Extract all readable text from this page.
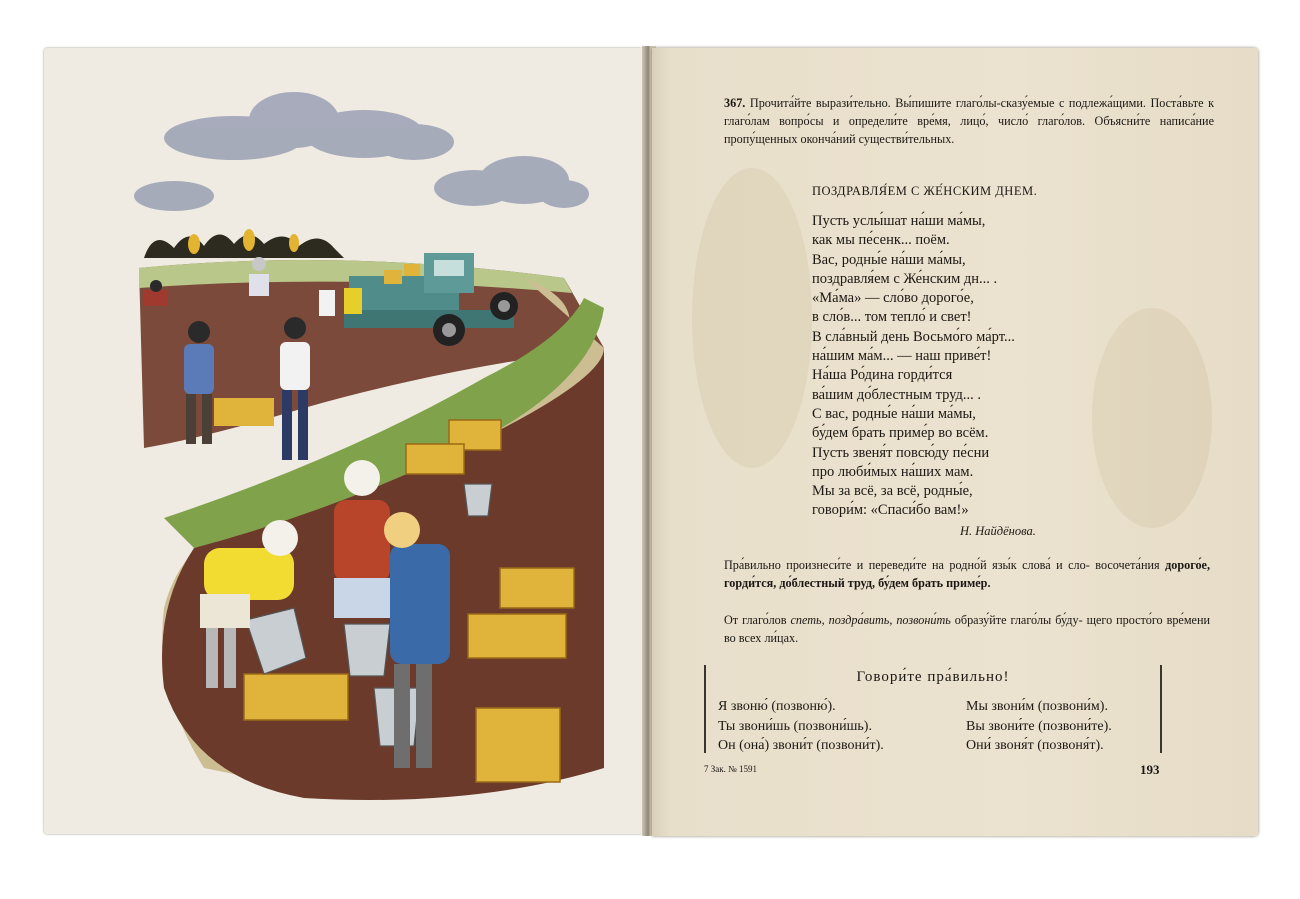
367. Прочита́йте вырази́тельно. Вы́пишите глаго́лы-сказу́емые с подлежа́щими. Поста́вьте к глаго́лам вопро́сы и определи́те вре́мя, лицо́, число́ глаго́лов. Объясни́те написа́ние пропу́щенных оконча́ний существи́тельных.
ПОЗДРАВЛЯ́ЕМ С ЖЕ́НСКИМ ДНЕМ.
Пусть услы́шат на́ши ма́мы,
как мы пе́сенк... поём.
Вас, родны́е на́ши ма́мы,
поздравля́ем с Же́нским дн... .
«Ма́ма» — сло́во дорого́е,
в сло́в... том тепло́ и свет!
В сла́вный день Восьмо́го ма́рт...
на́шим ма́м... — наш приве́т!
На́ша Ро́дина горди́тся
ва́шим до́блестным труд... .
С вас, родны́е на́ши ма́мы,
бу́дем брать приме́р во всём.
Пусть звеня́т повсю́ду пе́сни
про люби́мых на́ших мам.
Мы за всё, за всё, родны́е,
говори́м: «Спаси́бо вам!»
Н. Найдёнова.
Пра́вильно произнеси́те и переведи́те на родно́й язы́к слова́ и сло- восочета́ния дорого́е, горди́тся, до́блестный труд, бу́дем брать приме́р.
От глаго́лов спеть, поздра́вить, позвони́ть образу́йте глаго́лы бу́ду- щего просто́го вре́мени во всех ли́цах.
Говори́те пра́вильно!
Я звоню́ (позвоню́).
Ты звони́шь (позвони́шь).
Он (она́) звони́т (позвони́т).
Мы звони́м (позвони́м).
Вы звони́те (позвони́те).
Они́ звоня́т (позвоня́т).
7 Зак. № 1591	193
